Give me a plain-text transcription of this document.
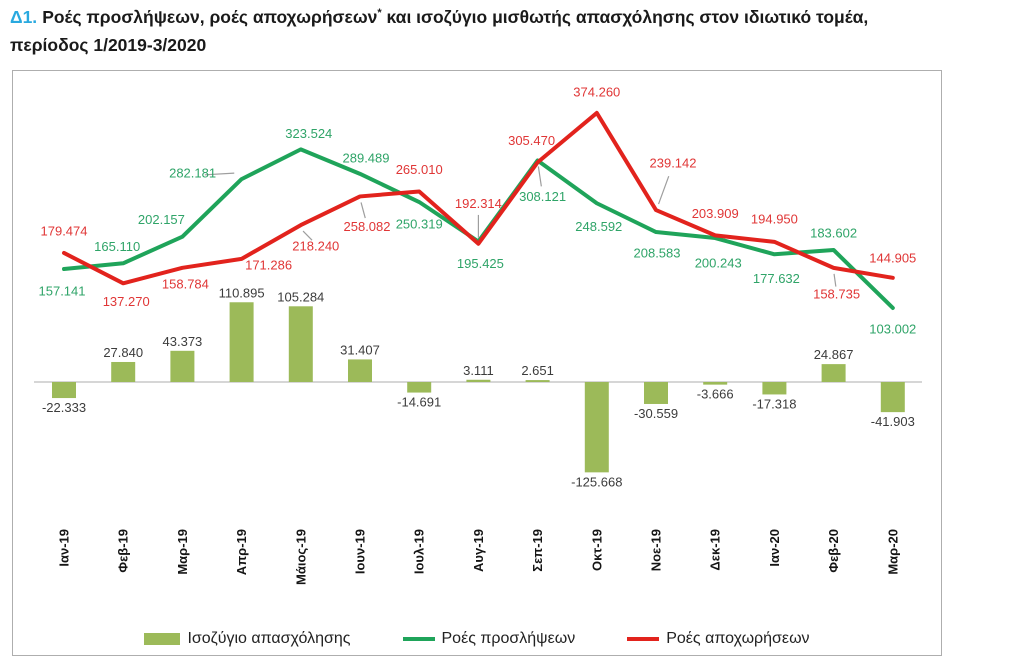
Δ1. Ροές προσλήψεων, ροές αποχωρήσεων* και ισοζύγιο μισθωτής απασχόλησης στον ιδιωτικό τομέα,
περίοδος 1/2019-3/2020
157.141
165.110
202.157
282.181
323.524
289.489
250.319
195.425
308.121
248.592
208.583
200.243
177.632
183.602
103.002
179.474
137.270
158.784
171.286
218.240
258.082
265.010
192.314
305.470
374.260
239.142
203.909 194.950
158.735
144.905
-22.333
27.840
43.373
110.895 105.284
31.407
-14.691
3.111 2.651
-125.668
-30.559
-3.666
-17.318
24.867
-41.903
Ιαν-19	Φεβ-19	Μαρ-19	Απρ-19	Μάιος-19	Ιουν-19	Ιουλ-19	Αυγ-19	Σεπ-19	Οκτ-19	Νοε-19	Δεκ-19	Ιαν-20	Φεβ-20	Μαρ-20
Ισοζύγιο απασχόλησης	Ροές προσλήψεων	Ροές αποχωρήσεων
